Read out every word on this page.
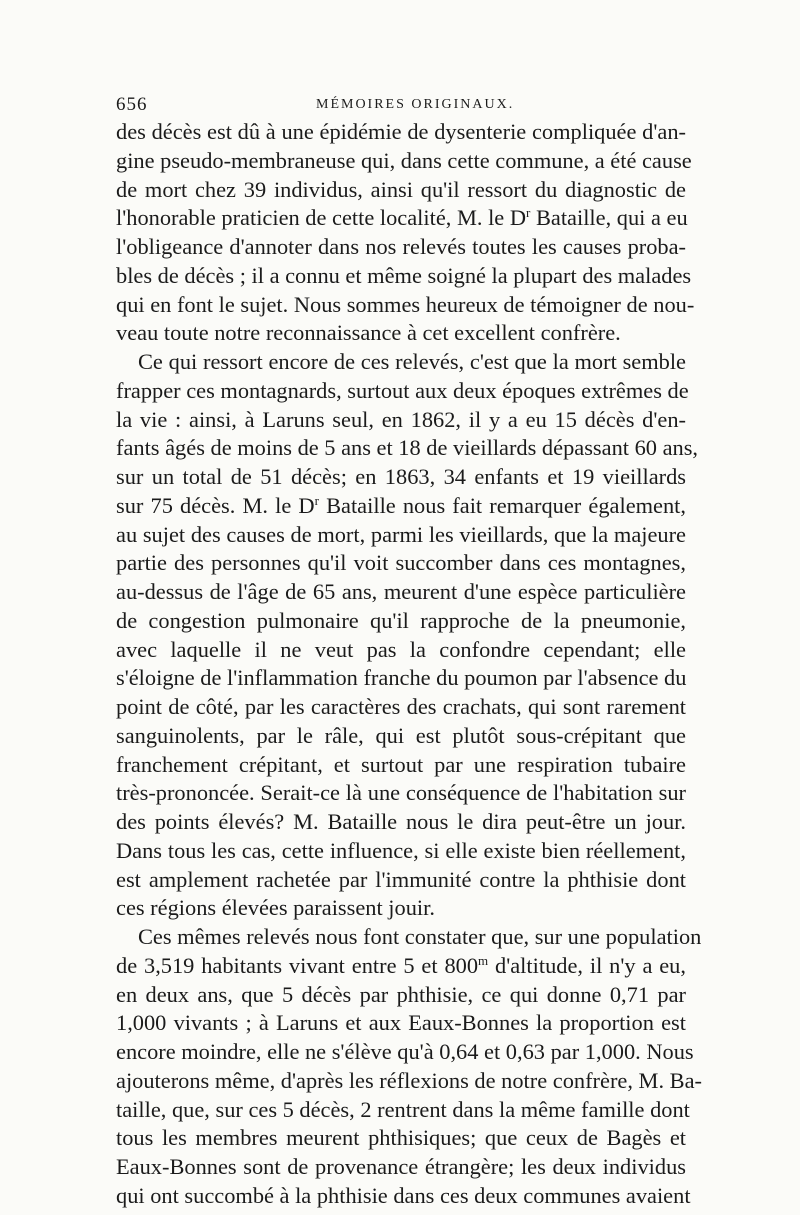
656	MÉMOIRES ORIGINAUX.
des décès est dû à une épidémie de dysenterie compliquée d'an-
gine pseudo-membraneuse qui, dans cette commune, a été cause
de mort chez 39 individus, ainsi qu'il ressort du diagnostic de
l'honorable praticien de cette localité, M. le $D^r$ Bataille, qui a eu
l'obligeance d'annoter dans nos relevés toutes les causes proba-
bles de décès ; il a connu et même soigné la plupart des malades
qui en font le sujet. Nous sommes heureux de témoigner de nou-
veau toute notre reconnaissance à cet excellent confrère.
Ce qui ressort encore de ces relevés, c'est que la mort semble
frapper ces montagnards, surtout aux deux époques extrêmes de
la vie : ainsi, à Laruns seul, en 1862, il y a eu 15 décès d'en-
fants âgés de moins de 5 ans et 18 de vieillards dépassant 60 ans,
sur un total de 51 décès; en 1863, 34 enfants et 19 vieillards
sur 75 décès. M. le $D^r$ Bataille nous fait remarquer également,
au sujet des causes de mort, parmi les vieillards, que la majeure
partie des personnes qu'il voit succomber dans ces montagnes,
au-dessus de l'âge de 65 ans, meurent d'une espèce particulière
de congestion pulmonaire qu'il rapproche de la pneumonie,
avec laquelle il ne veut pas la confondre cependant; elle
s'éloigne de l'inflammation franche du poumon par l'absence du
point de côté, par les caractères des crachats, qui sont rarement
sanguinolents, par le râle, qui est plutôt sous-crépitant que
franchement crépitant, et surtout par une respiration tubaire
très-prononcée. Serait-ce là une conséquence de l'habitation sur
des points élevés? M. Bataille nous le dira peut-être un jour.
Dans tous les cas, cette influence, si elle existe bien réellement,
est amplement rachetée par l'immunité contre la phthisie dont
ces régions élevées paraissent jouir.
Ces mêmes relevés nous font constater que, sur une population
de 3,519 habitants vivant entre 5 et 800$^m$ d'altitude, il n'y a eu,
en deux ans, que 5 décès par phthisie, ce qui donne 0,71 par
1,000 vivants ; à Laruns et aux Eaux-Bonnes la proportion est
encore moindre, elle ne s'élève qu'à 0,64 et 0,63 par 1,000. Nous
ajouterons même, d'après les réflexions de notre confrère, M. Ba-
taille, que, sur ces 5 décès, 2 rentrent dans la même famille dont
tous les membres meurent phthisiques; que ceux de Bagès et
Eaux-Bonnes sont de provenance étrangère; les deux individus
qui ont succombé à la phthisie dans ces deux communes avaient
